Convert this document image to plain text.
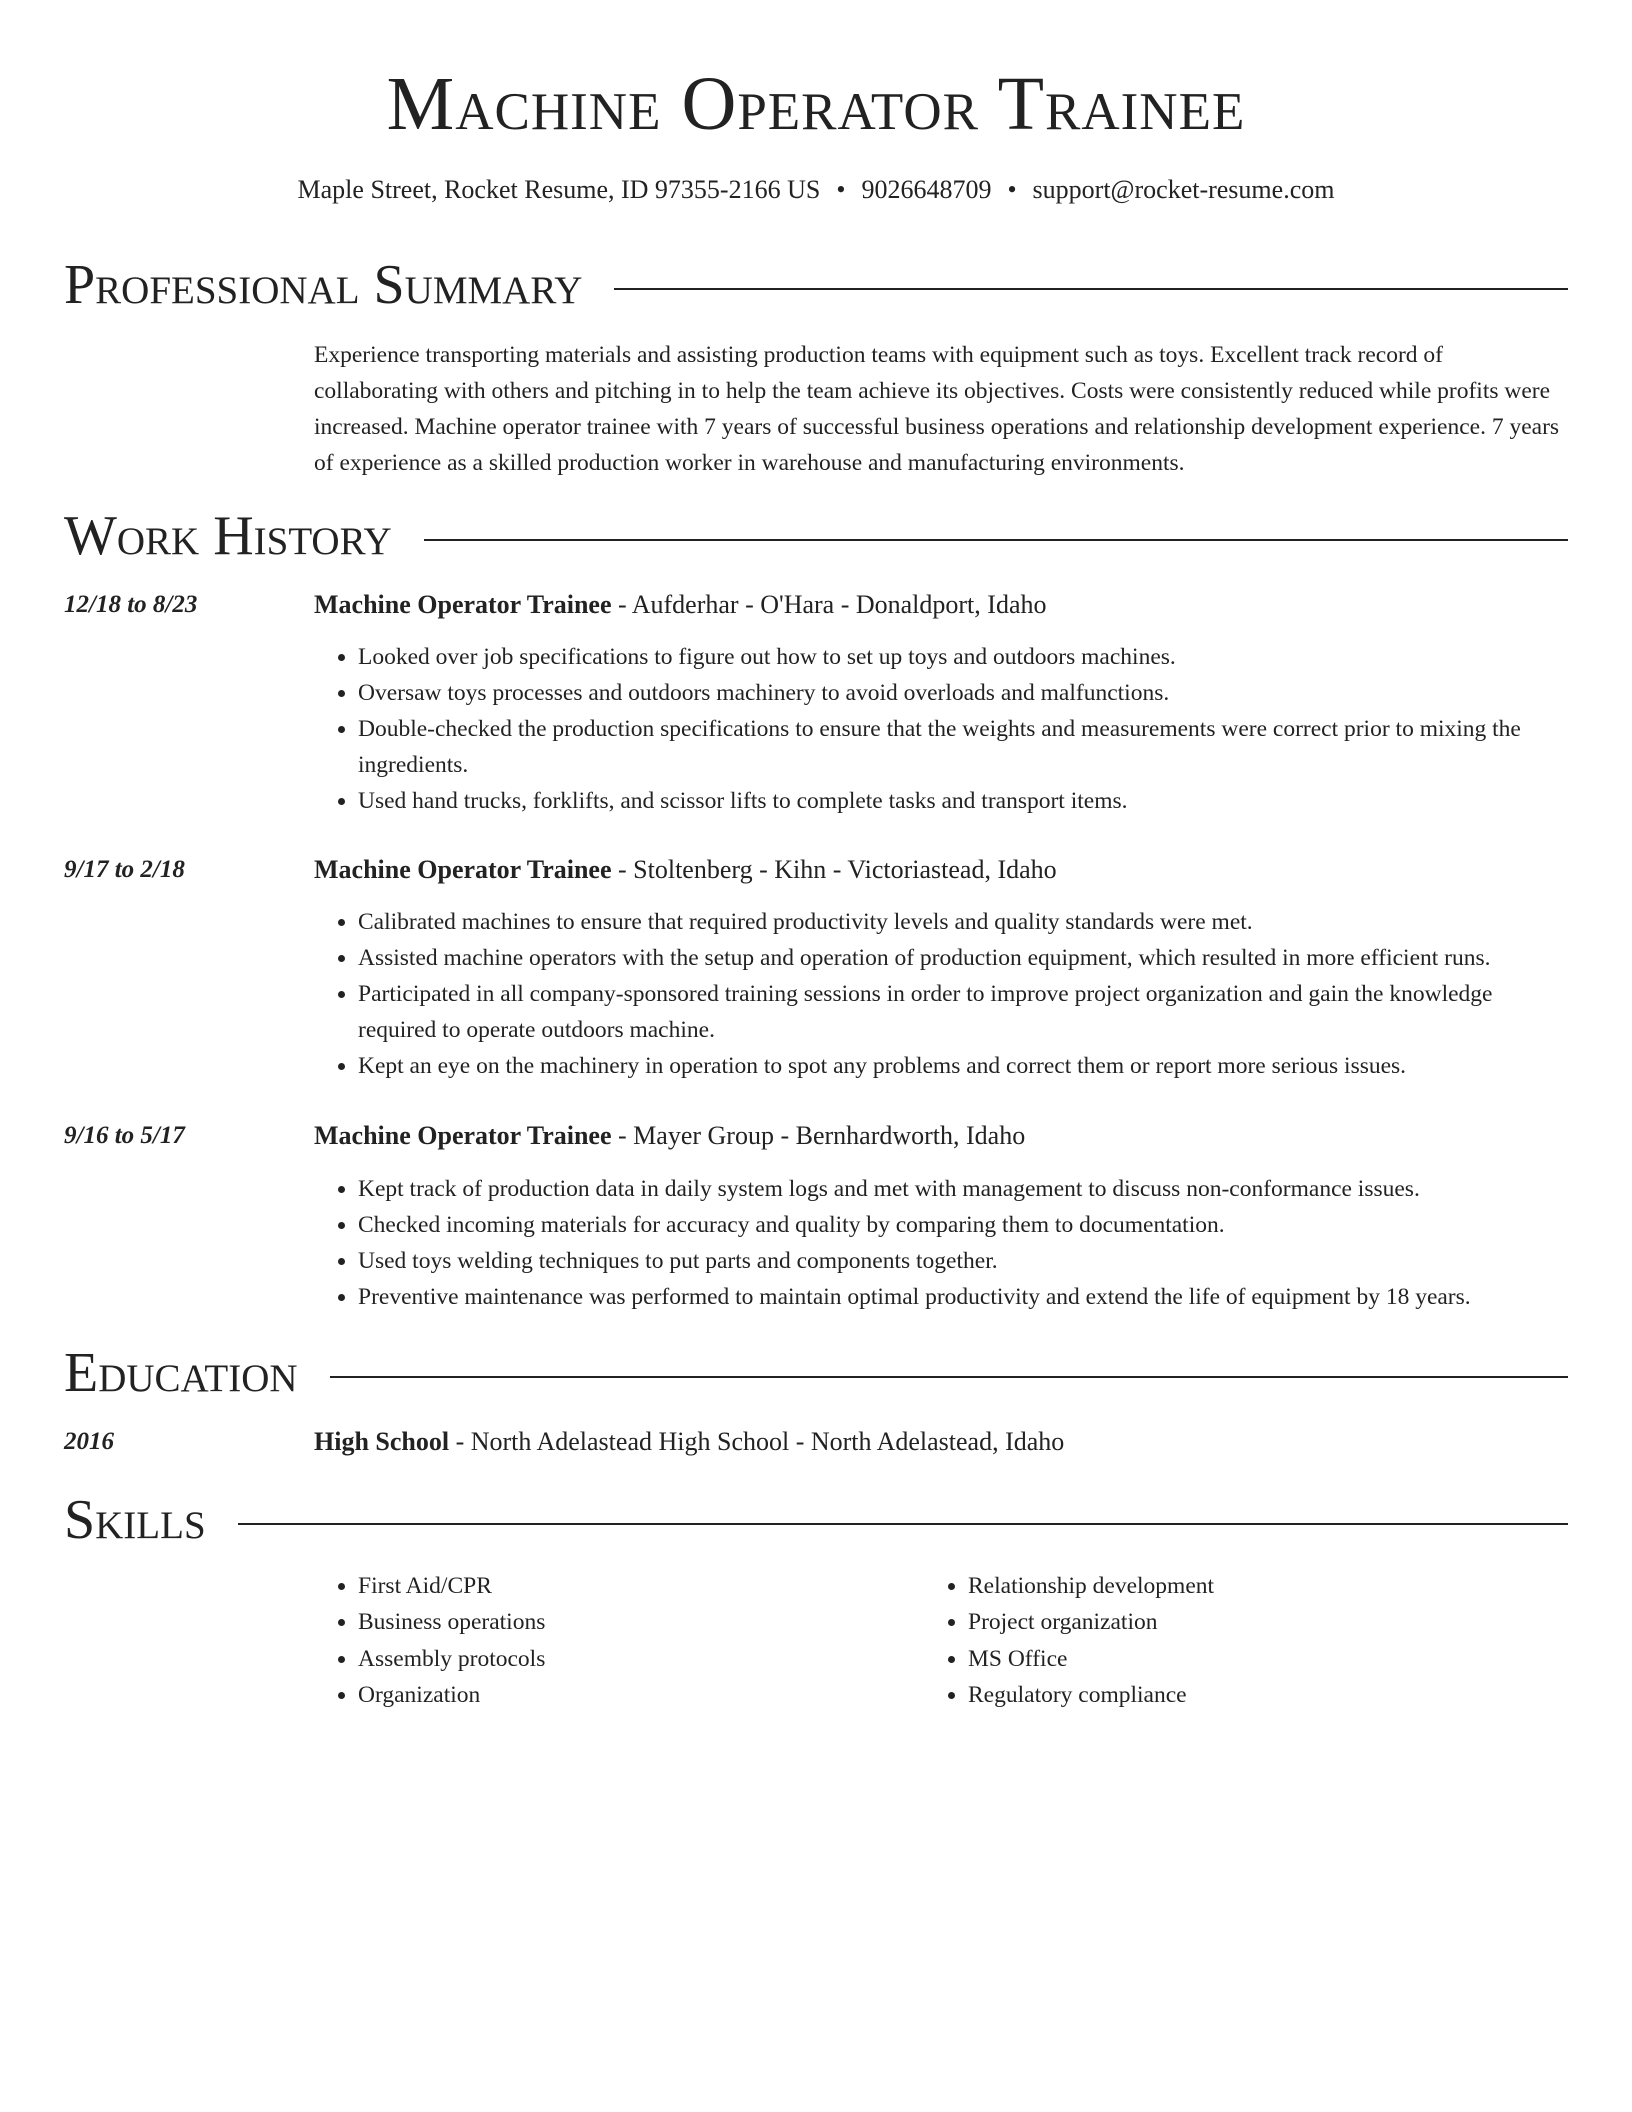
Machine Operator Trainee
Maple Street, Rocket Resume, ID 97355-2166 US • 9026648709 • support@rocket-resume.com
Professional Summary

Experience transporting materials and assisting production teams with equipment such as toys. Excellent track record of collaborating with others and pitching in to help the team achieve its objectives. Costs were consistently reduced while profits were increased. Machine operator trainee with 7 years of successful business operations and relationship development experience. 7 years of experience as a skilled production worker in warehouse and manufacturing environments.

Work History
12/18 to 8/23	Machine Operator Trainee - Aufderhar - O'Hara - Donaldport, Idaho
• Looked over job specifications to figure out how to set up toys and outdoors machines.
• Oversaw toys processes and outdoors machinery to avoid overloads and malfunctions.
• Double-checked the production specifications to ensure that the weights and measurements were correct prior to mixing the ingredients.
• Used hand trucks, forklifts, and scissor lifts to complete tasks and transport items.
9/17 to 2/18	Machine Operator Trainee - Stoltenberg - Kihn - Victoriastead, Idaho
• Calibrated machines to ensure that required productivity levels and quality standards were met.
• Assisted machine operators with the setup and operation of production equipment, which resulted in more efficient runs.
• Participated in all company-sponsored training sessions in order to improve project organization and gain the knowledge required to operate outdoors machine.
• Kept an eye on the machinery in operation to spot any problems and correct them or report more serious issues.
9/16 to 5/17	Machine Operator Trainee - Mayer Group - Bernhardworth, Idaho
• Kept track of production data in daily system logs and met with management to discuss non-conformance issues.
• Checked incoming materials for accuracy and quality by comparing them to documentation.
• Used toys welding techniques to put parts and components together.
• Preventive maintenance was performed to maintain optimal productivity and extend the life of equipment by 18 years.
Education
2016	High School - North Adelastead High School - North Adelastead, Idaho
Skills
• First Aid/CPR
• Business operations
• Assembly protocols
• Organization
• Relationship development
• Project organization
• MS Office
• Regulatory compliance
